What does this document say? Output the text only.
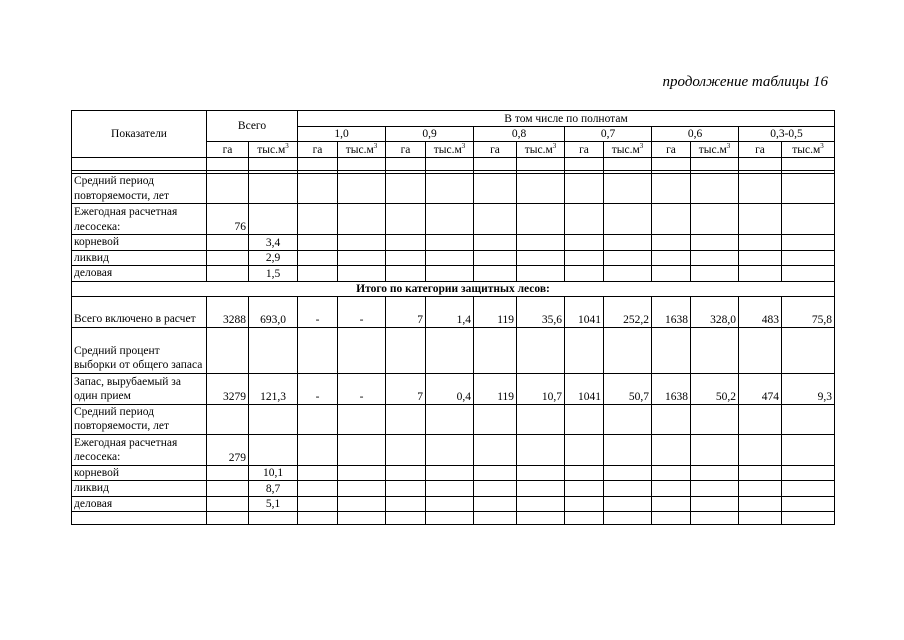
продолжение таблицы 16
Показатели	Всего		В том числе по полнотам											
			1,0		0,9		0,8		0,7		0,6		0,3-0,5	
	га	$тыс.м^3$	га	$тыс.м^3$	га	$тыс.м^3$	га	$тыс.м^3$	га	$тыс.м^3$	га	$тыс.м^3$	га	$тыс.м^3$

Средний период повторяемости, лет														
Ежегодная расчетная лесосека:	76													
корневой		3,4												
ликвид		2,9												
деловая		1,5												
Итого по категории защитных лесов:														
Всего включено в расчет	3288	693,0	-	-	7	1,4	119	35,6	1041	252,2	1638	328,0	483	75,8
Средний процент выборки от общего запаса														
Запас, вырубаемый за один прием	3279	121,3	-	-	7	0,4	119	10,7	1041	50,7	1638	50,2	474	9,3
Средний период повторяемости, лет														
Ежегодная расчетная лесосека:	279													
корневой		10,1												
ликвид		8,7												
деловая		5,1												
